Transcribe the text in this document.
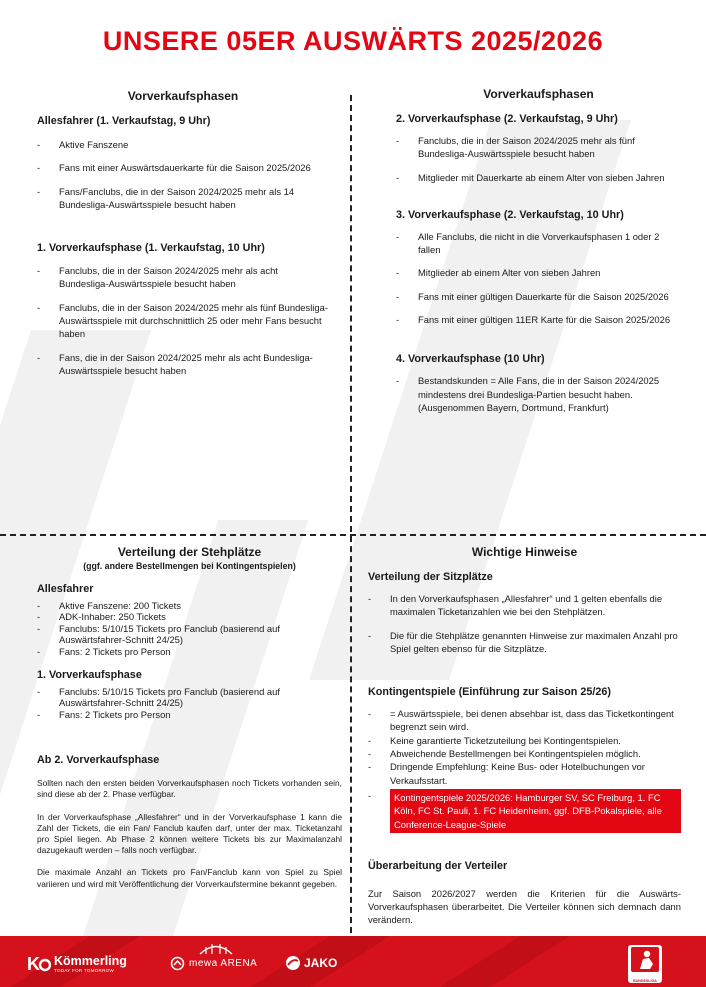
UNSERE 05ER AUSWÄRTS 2025/2026
Vorverkaufsphasen
Allesfahrer (1. Verkaufstag, 9 Uhr)
- Aktive Fanszene
- Fans mit einer Auswärtsdauerkarte für die Saison 2025/2026
- Fans/Fanclubs, die in der Saison 2024/2025 mehr als 14 Bundesliga-Auswärtsspiele besucht haben
1. Vorverkaufsphase (1. Verkaufstag, 10 Uhr)
- Fanclubs, die in der Saison 2024/2025 mehr als acht Bundesliga-Auswärtsspiele besucht haben
- Fanclubs, die in der Saison 2024/2025 mehr als fünf Bundesliga-Auswärtsspiele mit durchschnittlich 25 oder mehr Fans besucht haben
- Fans, die in der Saison 2024/2025 mehr als acht Bundesliga-Auswärtsspiele besucht haben
Vorverkaufsphasen
2. Vorverkaufsphase (2. Verkaufstag, 9 Uhr)
- Fanclubs, die in der Saison 2024/2025 mehr als fünf Bundesliga-Auswärtsspiele besucht haben
- Mitglieder mit Dauerkarte ab einem Alter von sieben Jahren
3. Vorverkaufsphase (2. Verkaufstag, 10 Uhr)
- Alle Fanclubs, die nicht in die Vorverkaufsphasen 1 oder 2 fallen
- Mitglieder ab einem Alter von sieben Jahren
- Fans mit einer gültigen Dauerkarte für die Saison 2025/2026
- Fans mit einer gültigen 11ER Karte für die Saison 2025/2026
4. Vorverkaufsphase (10 Uhr)
- Bestandskunden = Alle Fans, die in der Saison 2024/2025 mindestens drei Bundesliga-Partien besucht haben. (Ausgenommen Bayern, Dortmund, Frankfurt)
Verteilung der Stehplätze
(ggf. andere Bestellmengen bei Kontingentspielen)
Allesfahrer
- Aktive Fanszene: 200 Tickets
- ADK-Inhaber: 250 Tickets
- Fanclubs: 5/10/15 Tickets pro Fanclub (basierend auf Auswärtsfahrer-Schnitt 24/25)
- Fans: 2 Tickets pro Person
1. Vorverkaufsphase
- Fanclubs: 5/10/15 Tickets pro Fanclub (basierend auf Auswärtsfahrer-Schnitt 24/25)
- Fans: 2 Tickets pro Person
Ab 2. Vorverkaufsphase

Sollten nach den ersten beiden Vorverkaufsphasen noch Tickets vorhanden sein, sind diese ab der 2. Phase verfügbar.

In der Vorverkaufsphase „Allesfahrer“ und in der Vorverkaufsphase 1 kann die Zahl der Tickets, die ein Fan/ Fanclub kaufen darf, unter der max. Ticketanzahl pro Spiel liegen. Ab Phase 2 können weitere Tickets bis zur Maximalanzahl dazugekauft werden – falls noch verfügbar.

Die maximale Anzahl an Tickets pro Fan/Fanclub kann von Spiel zu Spiel variieren und wird mit Veröffentlichung der Vorverkaufstermine bekannt gegeben.

Wichtige Hinweise
Verteilung der Sitzplätze
- In den Vorverkaufsphasen „Allesfahrer“ und 1 gelten ebenfalls die maximalen Ticketanzahlen wie bei den Stehplätzen.
- Die für die Stehplätze genannten Hinweise zur maximalen Anzahl pro Spiel gelten ebenso für die Sitzplätze.
Kontingentspiele (Einführung zur Saison 25/26)
- = Auswärtsspiele, bei denen absehbar ist, dass das Ticketkontingent begrenzt sein wird.
- Keine garantierte Ticketzuteilung bei Kontingentspielen.
- Abweichende Bestellmengen bei Kontingentspielen möglich.
- Dringende Empfehlung: Keine Bus- oder Hotelbuchungen vor Verkaufsstart.
- Kontingentspiele 2025/2026: Hamburger SV, SC Freiburg, 1. FC Köln, FC St. Pauli, 1. FC Heidenheim, ggf. DFB-Pokalspiele, alle Conference-League-Spiele
Überarbeitung der Verteiler

Zur Saison 2026/2027 werden die Kriterien für die Auswärts-Vorverkaufsphasen überarbeitet. Die Verteiler können sich demnach dann verändern.

K Kömmerling
TODAY FOR TOMORROW
mewa ARENA	JAKO
BUNDESLIGA
